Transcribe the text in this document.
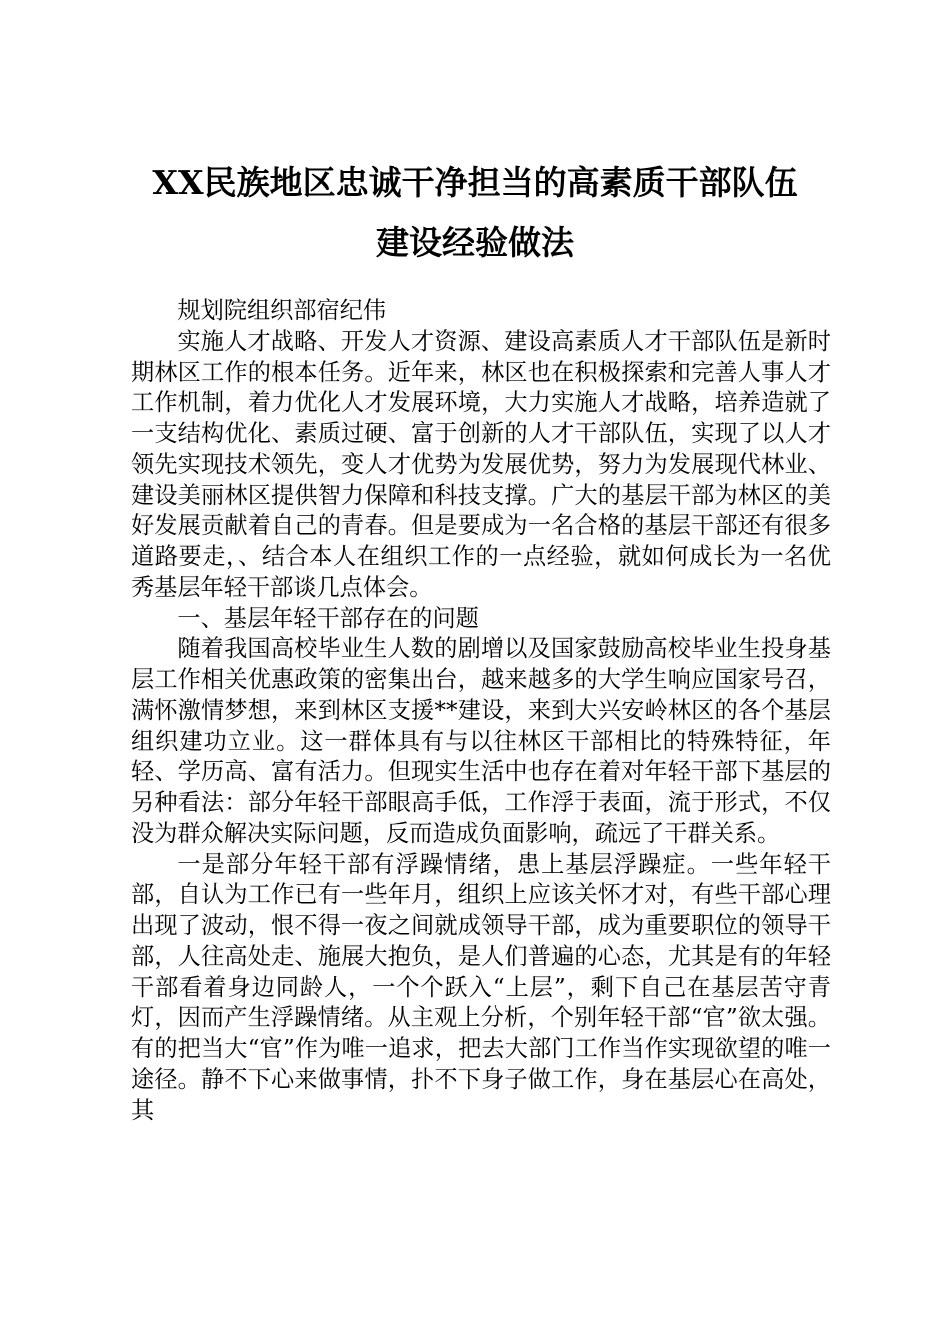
XX民族地区忠诚干净担当的高素质干部队伍
建设经验做法

规划院组织部宿纪伟

实施人才战略、开发人才资源、建设高素质人才干部队伍是新时期林区工作的根本任务。近年来，林区也在积极探索和完善人事人才工作机制，着力优化人才发展环境，大力实施人才战略，培养造就了一支结构优化、素质过硬、富于创新的人才干部队伍，实现了以人才领先实现技术领先，变人才优势为发展优势，努力为发展现代林业、建设美丽林区提供智力保障和科技支撑。广大的基层干部为林区的美好发展贡献着自己的青春。但是要成为一名合格的基层干部还有很多道路要走，、结合本人在组织工作的一点经验，就如何成长为一名优秀基层年轻干部谈几点体会。

一、基层年轻干部存在的问题

随着我国高校毕业生人数的剧增以及国家鼓励高校毕业生投身基层工作相关优惠政策的密集出台，越来越多的大学生响应国家号召，满怀激情梦想，来到林区支援**建设，来到大兴安岭林区的各个基层组织建功立业。这一群体具有与以往林区干部相比的特殊特征，年轻、学历高、富有活力。但现实生活中也存在着对年轻干部下基层的另种看法：部分年轻干部眼高手低，工作浮于表面，流于形式，不仅没为群众解决实际问题，反而造成负面影响，疏远了干群关系。

一是部分年轻干部有浮躁情绪，患上基层浮躁症。一些年轻干部，自认为工作已有一些年月，组织上应该关怀才对，有些干部心理出现了波动，恨不得一夜之间就成领导干部，成为重要职位的领导干部，人往高处走、施展大抱负，是人们普遍的心态，尤其是有的年轻干部看着身边同龄人，一个个跃入“上层”，剩下自己在基层苦守青灯，因而产生浮躁情绪。从主观上分析，个别年轻干部“官”欲太强。有的把当大“官”作为唯一追求，把去大部门工作当作实现欲望的唯一途径。静不下心来做事情，扑不下身子做工作，身在基层心在高处，其
